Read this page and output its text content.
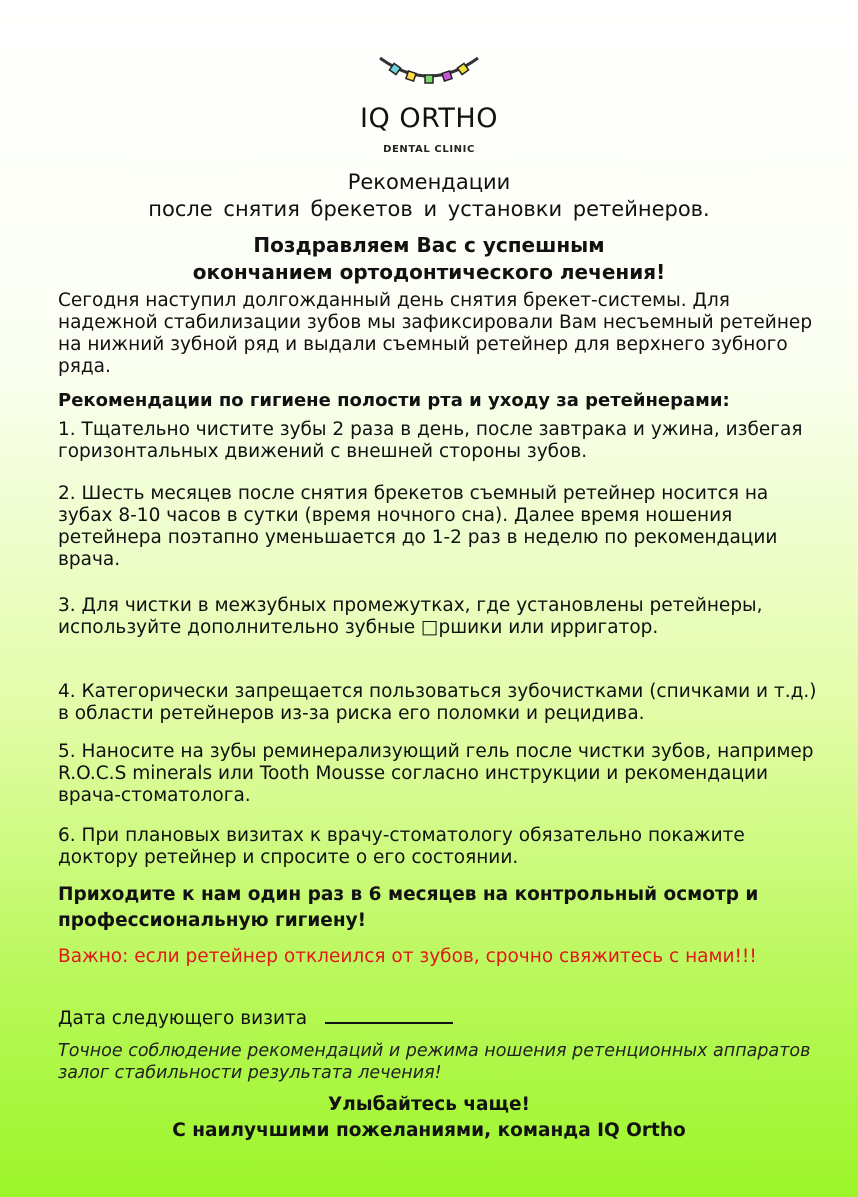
IQ ORTHO
DENTAL CLINIC
Рекомендации
после снятия брекетов и установки ретейнеров.
Поздравляем Вас с успешным
окончанием ортодонтического лечения!
Сегодня наступил долгожданный день снятия брекет-системы. Для надежной стабилизации зубов мы зафиксировали Вам несъемный ретейнер на нижний зубной ряд и выдали съемный ретейнер для верхнего зубного ряда.
Рекомендации по гигиене полости рта и уходу за ретейнерами:
1. Тщательно чистите зубы 2 раза в день, после завтрака и ужина, избегая горизонтальных движений с внешней стороны зубов.
2. Шесть месяцев после снятия брекетов съемный ретейнер носится на зубах 8-10 часов в сутки (время ночного сна). Далее время ношения ретейнера поэтапно уменьшается до 1-2 раз в неделю по рекомендации врача.
3. Для чистки в межзубных промежутках, где установлены ретейнеры, используйте дополнительно зубные □ршики или ирригатор.
4. Категорически запрещается пользоваться зубочистками (спичками и т.д.) в области ретейнеров из-за риска его поломки и рецидива.
5. Наносите на зубы реминерализующий гель после чистки зубов, например R.O.C.S minerals или Tooth Mousse согласно инструкции и рекомендации врача-стоматолога.
6. При плановых визитах к врачу-стоматологу обязательно покажите доктору ретейнер и спросите о его состоянии.
Приходите к нам один раз в 6 месяцев на контрольный осмотр и профессиональную гигиену!
Важно: если ретейнер отклеился от зубов, срочно свяжитесь с нами!!!
Дата следующего визита
Точное соблюдение рекомендаций и режима ношения ретенционных аппаратов залог стабильности результата лечения!
Улыбайтесь чаще!
С наилучшими пожеланиями, команда IQ Ortho
